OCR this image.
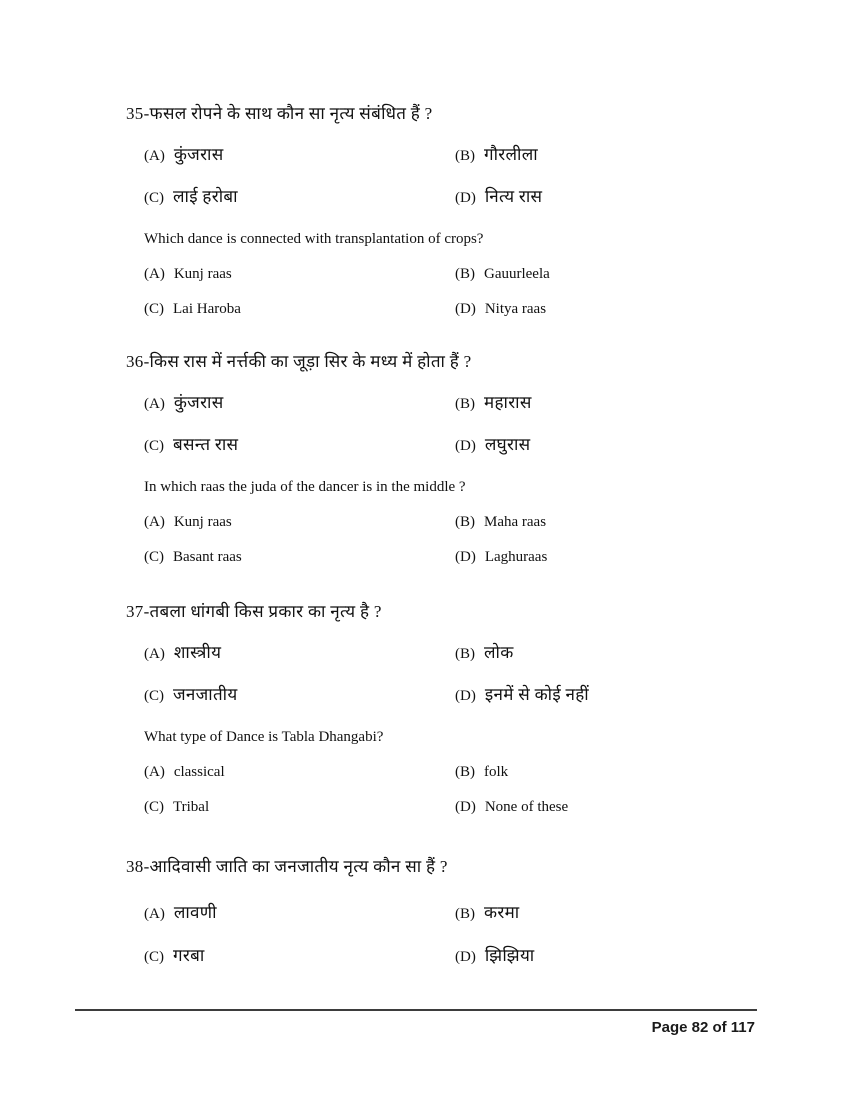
35-फसल रोपने के साथ कौन सा नृत्य संबंधित हैं ?
(A) कुंजरास	(B) गौरलीला
(C) लाई हरोबा	(D) नित्य रास
Which dance is connected with transplantation of crops?
(A) Kunj raas	(B) Gauurleela
(C) Lai Haroba	(D) Nitya raas
36-किस रास में नर्त्तकी का जूड़ा सिर के मध्य में होता हैं ?
(A) कुंजरास	(B) महारास
(C) बसन्त रास	(D) लघुरास
In which raas the juda of the dancer is in the middle ?
(A) Kunj raas	(B) Maha raas
(C) Basant raas	(D) Laghuraas
37-तबला धांगबी किस प्रकार का नृत्य है ?
(A) शास्त्रीय	(B) लोक
(C) जनजातीय	(D) इनमें से कोई नहीं
What type of Dance is Tabla Dhangabi?
(A) classical	(B) folk
(C) Tribal	(D) None of these
38-आदिवासी जाति का जनजातीय नृत्य कौन सा हैं ?
(A) लावणी	(B) करमा
(C) गरबा	(D) झिझिया
Page 82 of 117
